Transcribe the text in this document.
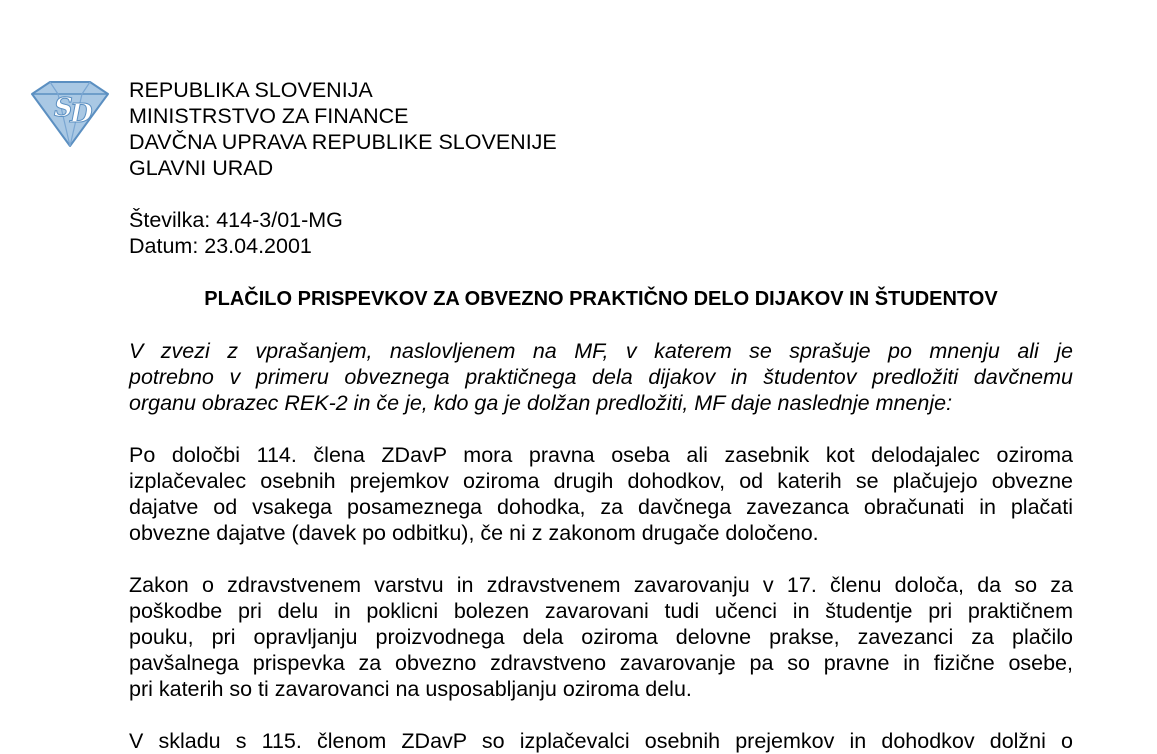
S
D
REPUBLIKA SLOVENIJA
MINISTRSTVO ZA FINANCE
DAVČNA UPRAVA REPUBLIKE SLOVENIJE
GLAVNI URAD
Številka: 414-3/01-MG
Datum: 23.04.2001
PLAČILO PRISPEVKOV ZA OBVEZNO PRAKTIČNO DELO DIJAKOV IN ŠTUDENTOV
V zvezi z vprašanjem, naslovljenem na MF, v katerem se sprašuje po mnenju ali je
potrebno v primeru obveznega praktičnega dela dijakov in študentov predložiti davčnemu
organu obrazec REK-2 in če je, kdo ga je dolžan predložiti, MF daje naslednje mnenje:
Po določbi 114. člena ZDavP mora pravna oseba ali zasebnik kot delodajalec oziroma
izplačevalec osebnih prejemkov oziroma drugih dohodkov, od katerih se plačujejo obvezne
dajatve od vsakega posameznega dohodka, za davčnega zavezanca obračunati in plačati
obvezne dajatve (davek po odbitku), če ni z zakonom drugače določeno.
Zakon o zdravstvenem varstvu in zdravstvenem zavarovanju v 17. členu določa, da so za
poškodbe pri delu in poklicni bolezen zavarovani tudi učenci in študentje pri praktičnem
pouku, pri opravljanju proizvodnega dela oziroma delovne prakse, zavezanci za plačilo
pavšalnega prispevka za obvezno zdravstveno zavarovanje pa so pravne in fizične osebe,
pri katerih so ti zavarovanci na usposabljanju oziroma delu.
V skladu s 115. členom ZDavP so izplačevalci osebnih prejemkov in dohodkov dolžni o
